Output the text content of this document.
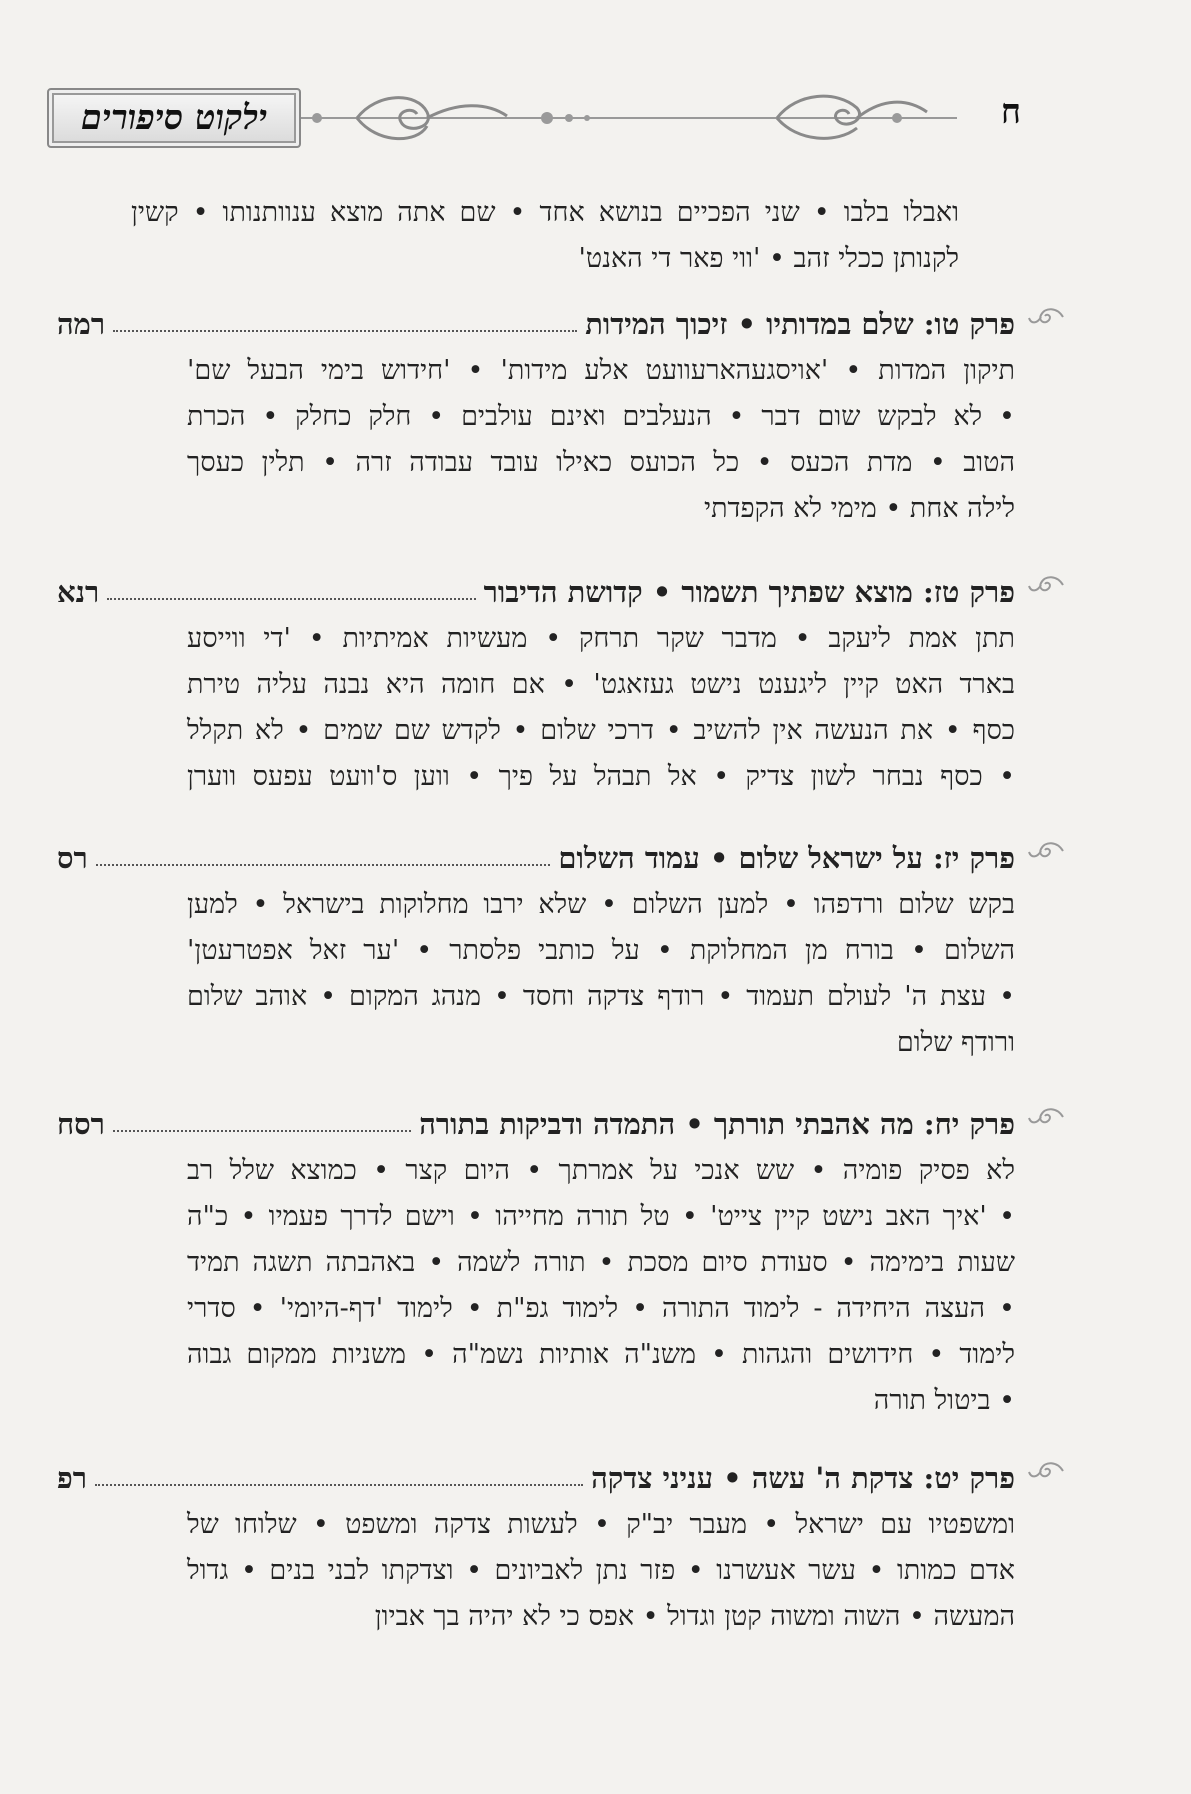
ח
ילקוט סיפורים
ואבלו בלבו • שני הפכיים בנושא אחד • שם אתה מוצא ענוותנותו • קשין
לקנותן ככלי זהב • 'ווי פאר די האנט'
פרק טו: שלם במדותיו • זיכוך המידות
רמה
תיקון המדות • 'אויסגעהארעוועט אלע מידות' • 'חידוש בימי הבעל שם'
• לא לבקש שום דבר • הנעלבים ואינם עולבים • חלק כחלק • הכרת
הטוב • מדת הכעס • כל הכועס כאילו עובד עבודה זרה • תלין כעסך
לילה אחת • מימי לא הקפדתי
פרק טז: מוצא שפתיך תשמור • קדושת הדיבור
רנא
תתן אמת ליעקב • מדבר שקר תרחק • מעשיות אמיתיות • 'די ווייסע
בארד האט קיין ליגענט נישט געזאגט' • אם חומה היא נבנה עליה טירת
כסף • את הנעשה אין להשיב • דרכי שלום • לקדש שם שמים • לא תקלל
• כסף נבחר לשון צדיק • אל תבהל על פיך • ווען ס'וועט עפעס ווערן
פרק יז: על ישראל שלום • עמוד השלום
רס
בקש שלום ורדפהו • למען השלום • שלא ירבו מחלוקות בישראל • למען
השלום • בורח מן המחלוקת • על כותבי פלסתר • 'ער זאל אפטרעטן'
• עצת ה' לעולם תעמוד • רודף צדקה וחסד • מנהג המקום • אוהב שלום
ורודף שלום
פרק יח: מה אהבתי תורתך • התמדה ודביקות בתורה
רסח
לא פסיק פומיה • שש אנכי על אמרתך • היום קצר • כמוצא שלל רב
• 'איך האב נישט קיין צייט' • טל תורה מחייהו • וישם לדרך פעמיו • כ"ה
שעות בימימה • סעודת סיום מסכת • תורה לשמה • באהבתה תשגה תמיד
• העצה היחידה - לימוד התורה • לימוד גפ"ת • לימוד 'דף-היומי' • סדרי
לימוד • חידושים והגהות • משנ"ה אותיות נשמ"ה • משניות ממקום גבוה
• ביטול תורה
פרק יט: צדקת ה' עשה • עניני צדקה
רפ
ומשפטיו עם ישראל • מעבר יב"ק • לעשות צדקה ומשפט • שלוחו של
אדם כמותו • עשר אעשרנו • פזר נתן לאביונים • וצדקתו לבני בנים • גדול
המעשה • השוה ומשוה קטן וגדול • אפס כי לא יהיה בך אביון
